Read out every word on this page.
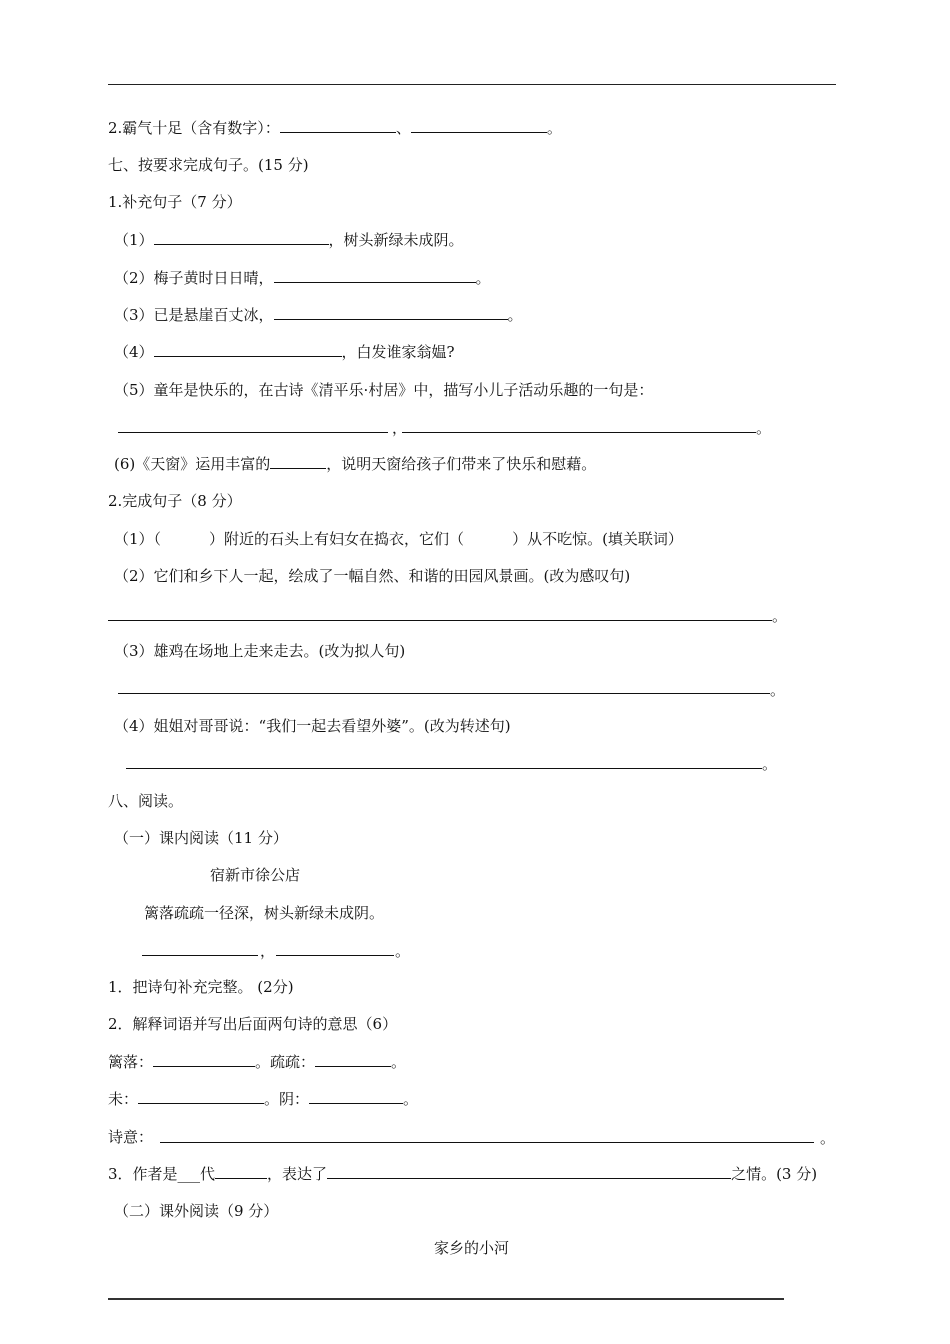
2.霸气十足（含有数字）：	、	。
七、按要求完成句子。(15 分)
1.补充句子（7 分）
（1）	，树头新绿未成阴。
（2）梅子黄时日日晴，	。
（3）已是悬崖百丈冰，	。
（4）	，白发谁家翁媪?
（5）童年是快乐的，在古诗《清平乐·村居》中，描写小儿子活动乐趣的一句是：
，	。
(6)《天窗》运用丰富的	，说明天窗给孩子们带来了快乐和慰藉。
2.完成句子（8 分）
（1）（	）附近的石头上有妇女在捣衣，它们（	）从不吃惊。(填关联词）
（2）它们和乡下人一起，绘成了一幅自然、和谐的田园风景画。(改为感叹句)
。
（3）雄鸡在场地上走来走去。(改为拟人句)
。
（4）姐姐对哥哥说：“我们一起去看望外婆”。(改为转述句)
。
八、阅读。
（一）课内阅读（11 分）
宿新市徐公店
篱落疏疏一径深，树头新绿未成阴。
，	。
1．把诗句补充完整。 (2分)
2．解释词语并写出后面两句诗的意思（6）
篱落：	。疏疏：	。
未：	。阴：	。
诗意：	。
3．作者是___代	，表达了	之情。(3 分)
（二）课外阅读（9 分）
家乡的小河
